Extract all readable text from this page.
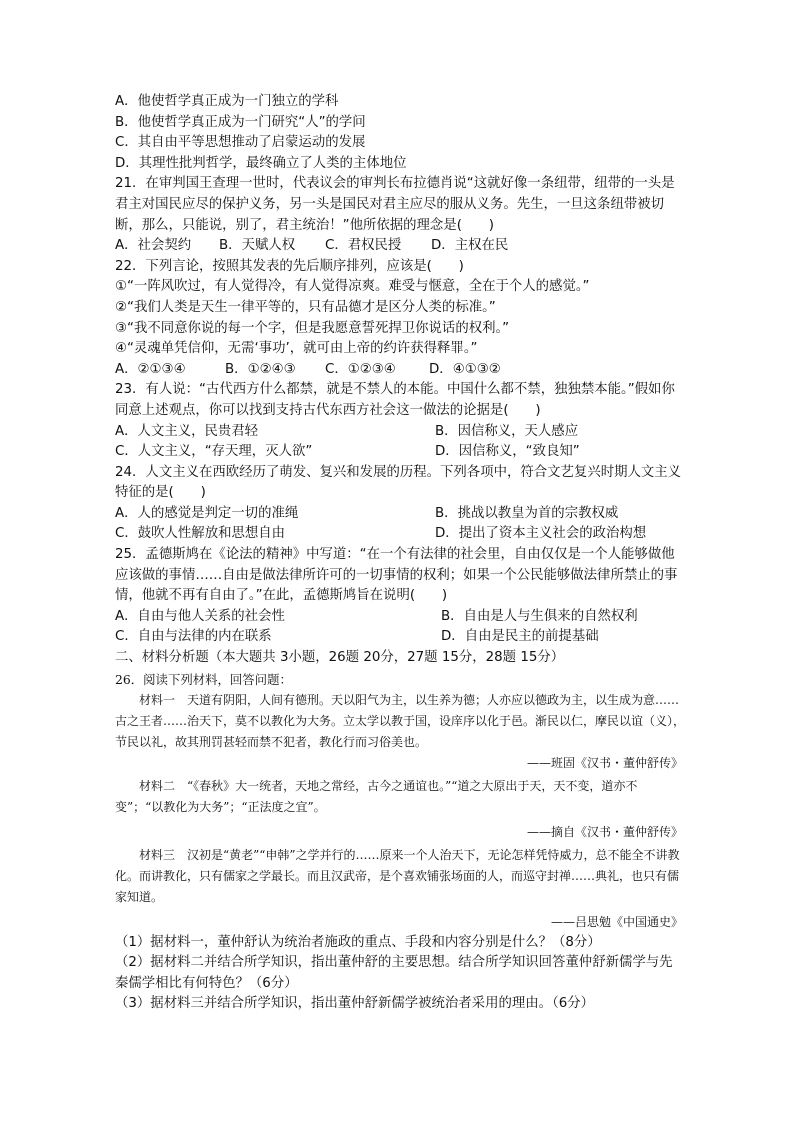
A．他使哲学真正成为一门独立的学科
B．他使哲学真正成为一门研究“人”的学问
C．其自由平等思想推动了启蒙运动的发展
D．其理性批判哲学，最终确立了人类的主体地位
21．在审判国王查理一世时，代表议会的审判长布拉德肖说“这就好像一条纽带，纽带的一头是君主对国民应尽的保护义务，另一头是国民对君主应尽的服从义务。先生，一旦这条纽带被切断，那么，只能说，别了，君主统治！”他所依据的理念是(　　)
A．社会契约 B．天赋人权 C．君权民授 D．主权在民
22．下列言论，按照其发表的先后顺序排列，应该是(　　)
①“一阵风吹过，有人觉得冷，有人觉得凉爽。难受与惬意，全在于个人的感觉。”
②“我们人类是天生一律平等的，只有品德才是区分人类的标准。”
③“我不同意你说的每一个字，但是我愿意誓死捍卫你说话的权利。”
④“灵魂单凭信仰，无需‘事功’，就可由上帝的约许获得释罪。”
A．②①③④	B．①②④③ C．①②③④ D．④①③②
23．有人说：“古代西方什么都禁，就是不禁人的本能。中国什么都不禁，独独禁本能。”假如你同意上述观点，你可以找到支持古代东西方社会这一做法的论据是(　　)
A．人文主义，民贵君轻	B．因信称义，天人感应
C．人文主义，“存天理，灭人欲”	D．因信称义，“致良知”
24．人文主义在西欧经历了萌发、复兴和发展的历程。下列各项中，符合文艺复兴时期人文主义特征的是(　　)
A．人的感觉是判定一切的准绳	B．挑战以教皇为首的宗教权威
C．鼓吹人性解放和思想自由	D．提出了资本主义社会的政治构想
25．孟德斯鸠在《论法的精神》中写道：“在一个有法律的社会里，自由仅仅是一个人能够做他应该做的事情……自由是做法律所许可的一切事情的权利；如果一个公民能够做法律所禁止的事情，他就不再有自由了。”在此，孟德斯鸠旨在说明(　　)
A．自由与他人关系的社会性	B．自由是人与生俱来的自然权利
C．自由与法律的内在联系	D．自由是民主的前提基础
二、材料分析题（本大题共 3小题，26题 20分，27题 15分，28题 15分）
26．阅读下列材料，回答问题：

材料一　天道有阴阳，人间有德刑。天以阳气为主，以生养为德；人亦应以德政为主，以生成为意……古之王者……治天下，莫不以教化为大务。立太学以教于国，设庠序以化于邑。渐民以仁，摩民以谊（义），节民以礼，故其刑罚甚轻而禁不犯者，教化行而习俗美也。

——班固《汉书・董仲舒传》

材料二　“《春秋》大一统者，天地之常经，古今之通谊也。”“道之大原出于天，天不变，道亦不变”；“以教化为大务”；“正法度之宜”。

——摘自《汉书・董仲舒传》

材料三　汉初是“黄老”“申韩”之学并行的……原来一个人治天下，无论怎样凭恃威力，总不能全不讲教化。而讲教化，只有儒家之学最长。而且汉武帝，是个喜欢铺张场面的人，而巡守封禅……典礼，也只有儒家知道。

——吕思勉《中国通史》
（1）据材料一，董仲舒认为统治者施政的重点、手段和内容分别是什么？（8分）
（2）据材料二并结合所学知识，指出董仲舒的主要思想。结合所学知识回答董仲舒新儒学与先秦儒学相比有何特色？（6分）
（3）据材料三并结合所学知识，指出董仲舒新儒学被统治者采用的理由。（6分）
